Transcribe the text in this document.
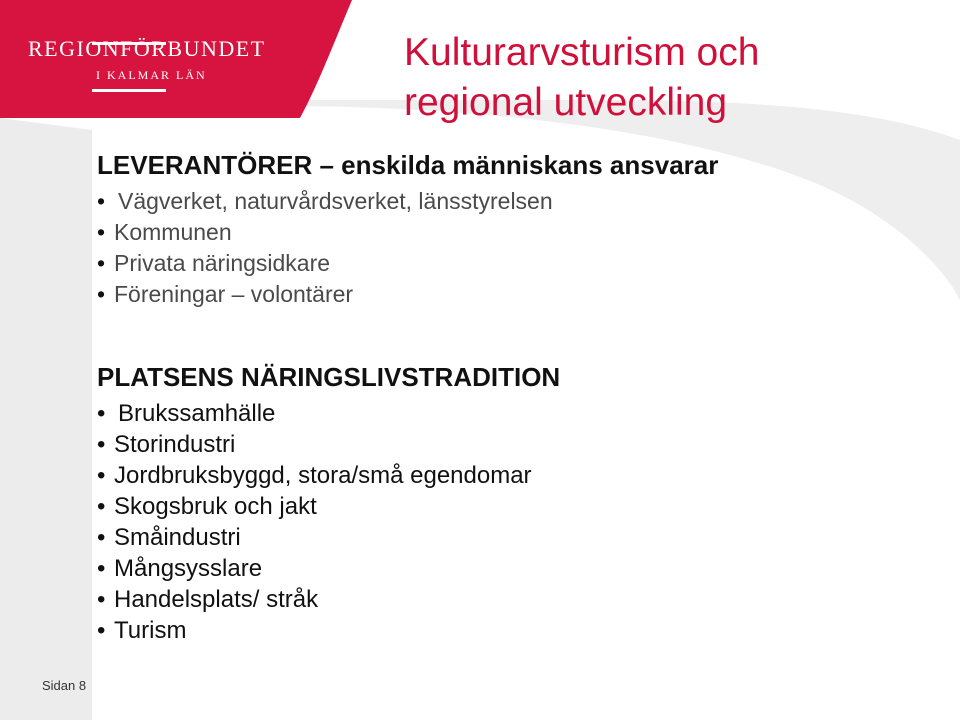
REGIONFÖRBUNDET
I KALMAR LÄN
Kulturarvsturism och
regional utveckling
LEVERANTÖRER – enskilda människans ansvarar
• Vägverket, naturvårdsverket, länsstyrelsen
• Kommunen
• Privata näringsidkare
• Föreningar – volontärer
PLATSENS NÄRINGSLIVSTRADITION
• Brukssamhälle
• Storindustri
• Jordbruksbyggd, stora/små egendomar
• Skogsbruk och jakt
• Småindustri
• Mångsysslare
• Handelsplats/ stråk
• Turism
Sidan 8
